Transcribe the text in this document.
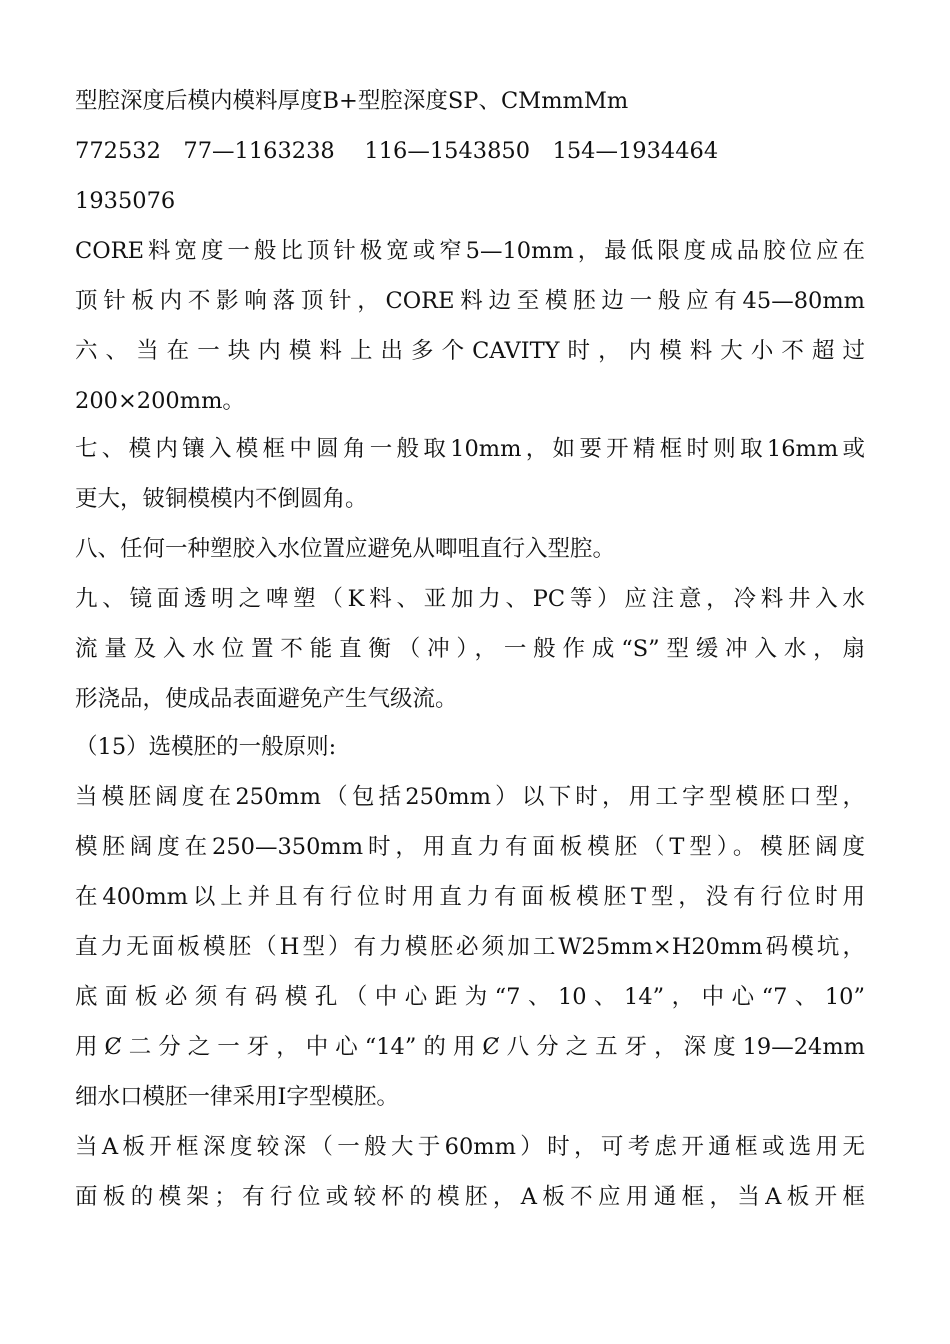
型腔深度后模内模料厚度B+型腔深度SP、CMmmMm
772532　77—1163238　 116—1543850　154—1934464
1935076
CORE料宽度一般比顶针极宽或窄5—10mm，最低限度成品胶位应在
顶针板内不影响落顶针，CORE料边至模胚边一般应有45—80mm
六、当在一块内模料上出多个CAVITY时，内模料大小不超过
200×200mm。
七、模内镶入模框中圆角一般取10mm，如要开精框时则取16mm或
更大，铍铜模模内不倒圆角。
八、任何一种塑胶入水位置应避免从唧咀直行入型腔。
九、镜面透明之啤塑（K料、亚加力、PC等）应注意，冷料井入水
流量及入水位置不能直衡（冲），一般作成“S”型缓冲入水，扇
形浇品，使成品表面避免产生气级流。
（15）选模胚的一般原则:
当模胚阔度在250mm（包括250mm）以下时，用工字型模胚口型，
模胚阔度在250—350mm时，用直力有面板模胚（T型）。模胚阔度
在400mm以上并且有行位时用直力有面板模胚T型，没有行位时用
直力无面板模胚（H型）有力模胚必须加工W25mm×H20mm码模坑，
底面板必须有码模孔（中心距为“7、10、14”，中心“7、10”
用Ȼ二分之一牙，中心“14”的用Ȼ八分之五牙，深度19—24mm
细水口模胚一律采用I字型模胚。
当A板开框深度较深（一般大于60mm）时，可考虑开通框或选用无
面板的模架；有行位或较杯的模胚，A板不应用通框，当A板开框
